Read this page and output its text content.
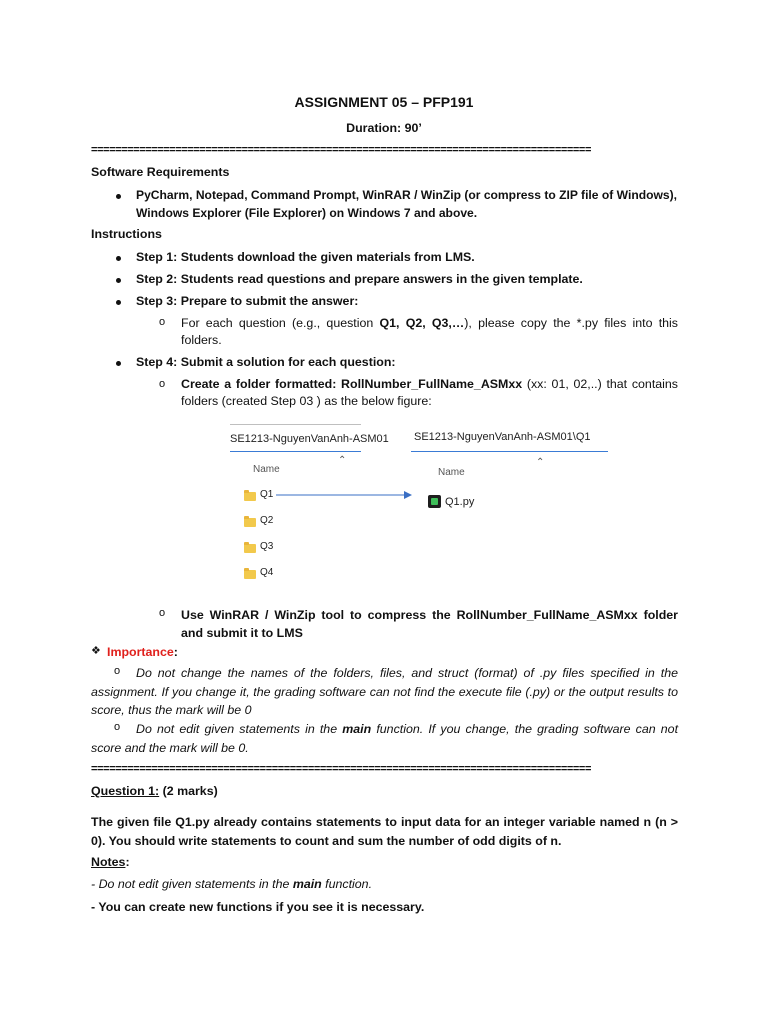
ASSIGNMENT 05 – PFP191
Duration: 90’
===================================================================================
Software Requirements
PyCharm, Notepad, Command Prompt, WinRAR / WinZip (or compress to ZIP file of Windows),
Windows Explorer (File Explorer) on Windows 7 and above.
Instructions
Step 1: Students download the given materials from LMS.
Step 2: Students read questions and prepare answers in the given template.
Step 3: Prepare to submit the answer:
o For each question (e.g., question Q1, Q2, Q3,…), please copy the *.py files into this folders.
Step 4: Submit a solution for each question:
o Create a folder formatted: RollNumber_FullName_ASMxx (xx: 01, 02,..) that contains folders (created Step 03 ) as the below figure:
SE1213-NguyenVanAnh-ASM01
Name
⌃
Q1
Q2
Q3
Q4
SE1213-NguyenVanAnh-ASM01\Q1
Name
⌃
Q1.py
o Use WinRAR / WinZip tool to compress the RollNumber_FullName_ASMxx folder and submit it to LMS
❖ Importance:
o	Do not change the names of the folders, files, and struct (format) of .py files specified in the assignment. If you change it, the grading software can not find the execute file (.py) or the output results to score, thus the mark will be 0
o	Do not edit given statements in the main function. If you change, the grading software can not score and the mark will be 0.
===================================================================================
Question 1: (2 marks)
The given file Q1.py already contains statements to input data for an integer variable named n (n > 0). You should write statements to count and sum the number of odd digits of n.
Notes:
- Do not edit given statements in the main function.
- You can create new functions if you see it is necessary.
